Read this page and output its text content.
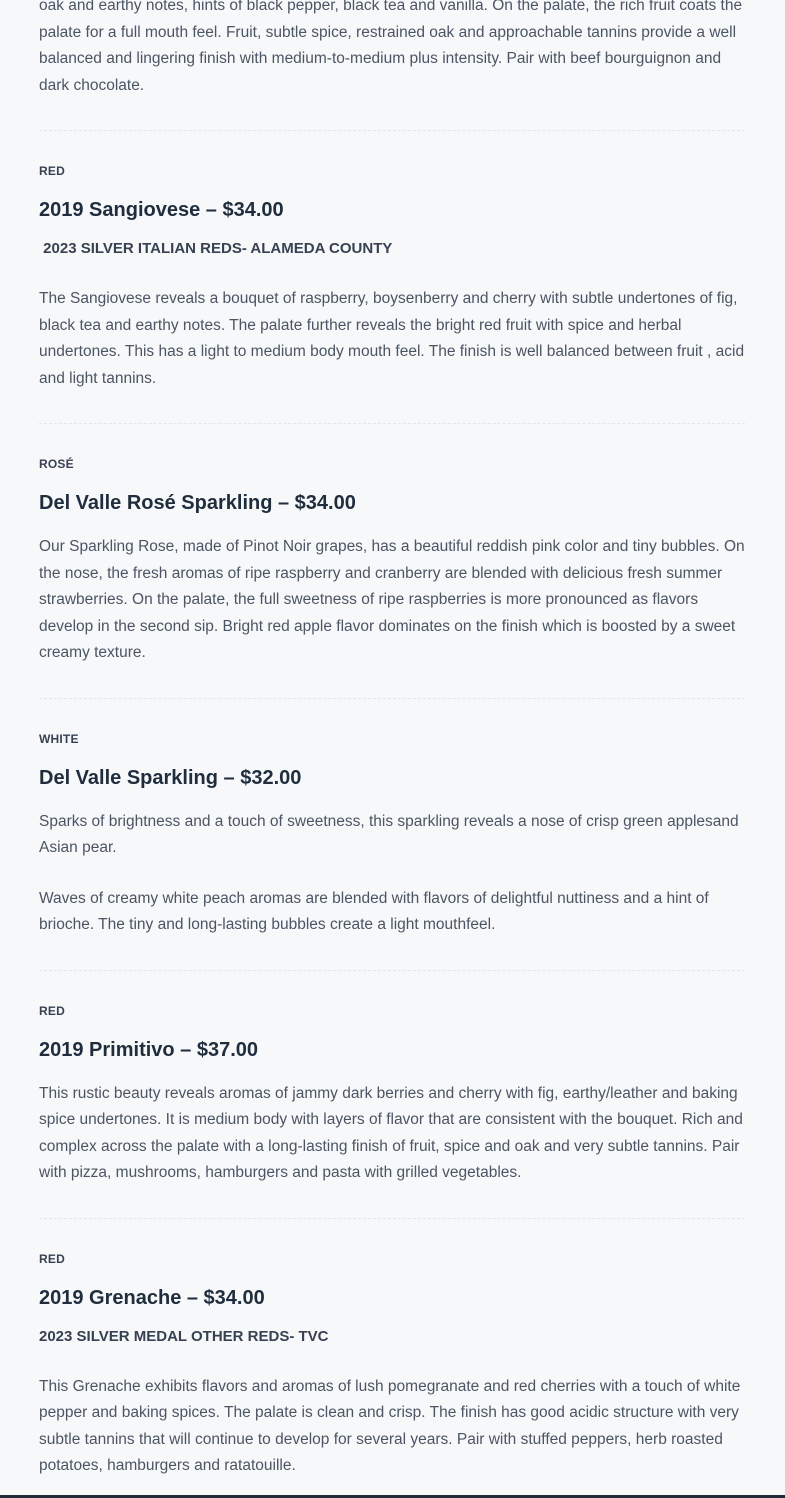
oak and earthy notes, hints of black pepper, black tea and vanilla. On the palate, the rich fruit coats the palate for a full mouth feel. Fruit, subtle spice, restrained oak and approachable tannins provide a well balanced and lingering finish with medium-to-medium plus intensity. Pair with beef bourguignon and dark chocolate.

RED

2019 Sangiovese – $34.00

2023 SILVER ITALIAN REDS- ALAMEDA COUNTY

The Sangiovese reveals a bouquet of raspberry, boysenberry and cherry with subtle undertones of fig, black tea and earthy notes. The palate further reveals the bright red fruit with spice and herbal undertones. This has a light to medium body mouth feel. The finish is well balanced between fruit , acid and light tannins.

ROSÉ

Del Valle Rosé Sparkling – $34.00

Our Sparkling Rose, made of Pinot Noir grapes, has a beautiful reddish pink color and tiny bubbles. On the nose, the fresh aromas of ripe raspberry and cranberry are blended with delicious fresh summer strawberries. On the palate, the full sweetness of ripe raspberries is more pronounced as flavors develop in the second sip. Bright red apple flavor dominates on the finish which is boosted by a sweet creamy texture.

WHITE

Del Valle Sparkling – $32.00

Sparks of brightness and a touch of sweetness, this sparkling reveals a nose of crisp green applesand Asian pear.

Waves of creamy white peach aromas are blended with flavors of delightful nuttiness and a hint of brioche. The tiny and long-lasting bubbles create a light mouthfeel.

RED

2019 Primitivo – $37.00

This rustic beauty reveals aromas of jammy dark berries and cherry with fig, earthy/leather and baking spice undertones. It is medium body with layers of flavor that are consistent with the bouquet. Rich and complex across the palate with a long-lasting finish of fruit, spice and oak and very subtle tannins. Pair with pizza, mushrooms, hamburgers and pasta with grilled vegetables.

RED

2019 Grenache – $34.00

2023 SILVER MEDAL OTHER REDS- TVC

This Grenache exhibits flavors and aromas of lush pomegranate and red cherries with a touch of white pepper and baking spices. The palate is clean and crisp. The finish has good acidic structure with very subtle tannins that will continue to develop for several years. Pair with stuffed peppers, herb roasted potatoes, hamburgers and ratatouille.
